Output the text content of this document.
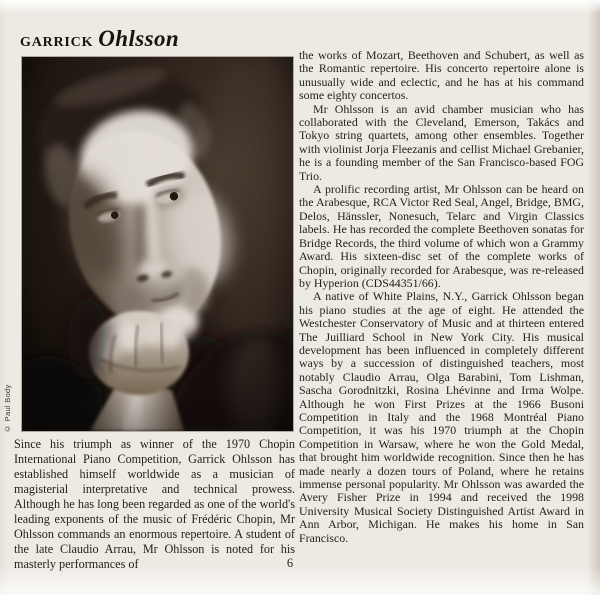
GARRICK Ohlsson
© Paul Body

Since his triumph as winner of the 1970 Chopin International Piano Competition, Garrick Ohlsson has established himself worldwide as a musician of magisterial interpretative and technical prowess. Although he has long been regarded as one of the world's leading exponents of the music of Frédéric Chopin, Mr Ohlsson commands an enormous repertoire. A student of the late Claudio Arrau, Mr Ohlsson is noted for his masterly performances of

the works of Mozart, Beethoven and Schubert, as well as the Romantic repertoire. His concerto repertoire alone is unusually wide and eclectic, and he has at his command some eighty concertos.

Mr Ohlsson is an avid chamber musician who has collaborated with the Cleveland, Emerson, Takács and Tokyo string quartets, among other ensembles. Together with violinist Jorja Fleezanis and cellist Michael Grebanier, he is a founding member of the San Francisco-based FOG Trio.

A prolific recording artist, Mr Ohlsson can be heard on the Arabesque, RCA Victor Red Seal, Angel, Bridge, BMG, Delos, Hänssler, Nonesuch, Telarc and Virgin Classics labels. He has recorded the complete Beethoven sonatas for Bridge Records, the third volume of which won a Grammy Award. His sixteen-disc set of the complete works of Chopin, originally recorded for Arabesque, was re-released by Hyperion (CDS44351/66).

A native of White Plains, N.Y., Garrick Ohlsson began his piano studies at the age of eight. He attended the Westchester Conservatory of Music and at thirteen entered The Juilliard School in New York City. His musical development has been influenced in completely different ways by a succession of distinguished teachers, most notably Claudio Arrau, Olga Barabini, Tom Lishman, Sascha Gorodnitzki, Rosina Lhévinne and Irma Wolpe. Although he won First Prizes at the 1966 Busoni Competition in Italy and the 1968 Montréal Piano Competition, it was his 1970 triumph at the Chopin Competition in Warsaw, where he won the Gold Medal, that brought him worldwide recognition. Since then he has made nearly a dozen tours of Poland, where he retains immense personal popularity. Mr Ohlsson was awarded the Avery Fisher Prize in 1994 and received the 1998 University Musical Society Distinguished Artist Award in Ann Arbor, Michigan. He makes his home in San Francisco.

6
